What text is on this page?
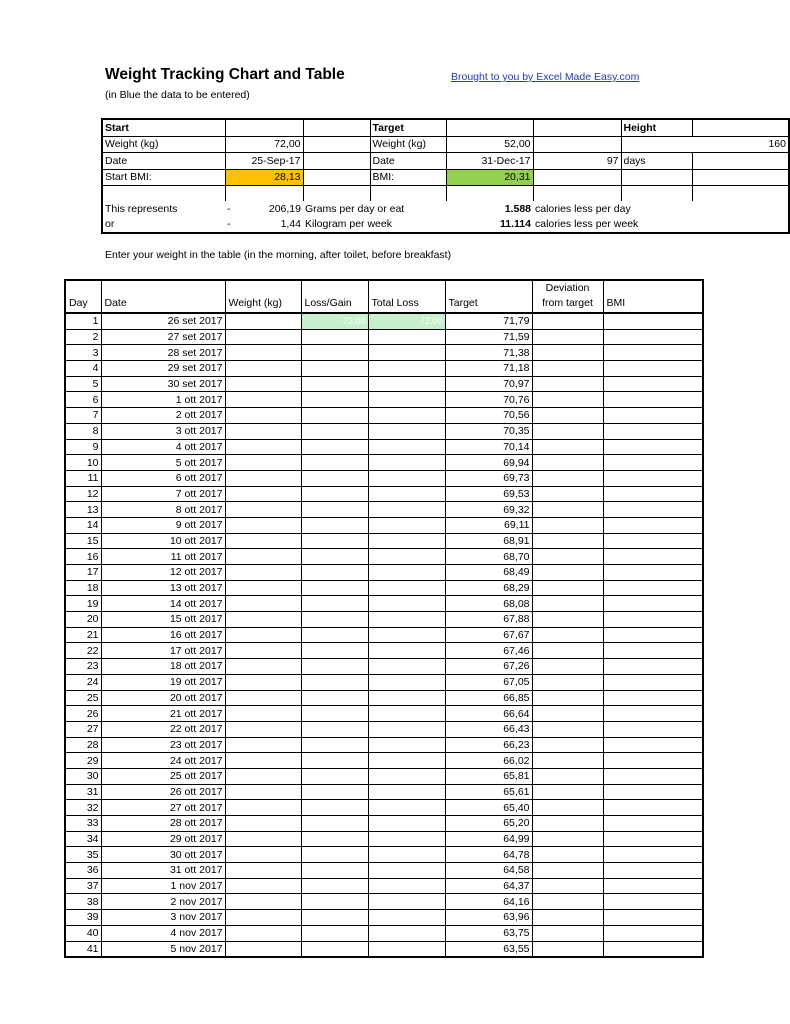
Weight Tracking Chart and Table
(in Blue the data to be entered)
Brought to you by Excel Made Easy.com
Start			Target			Height	
Weight (kg)	72,00		Weight (kg)	52,00			160
Date	25-Sep-17		Date	31-Dec-17	97	days	
Start BMI:	28,13		BMI:	20,31			

This represents	- 206,19	Grams per day or eat		1.588	calories less per day		
or	- 1,44	Kilogram per week		11.114	calories less per week		
Enter your weight in the table (in the morning, after toilet, before breakfast)
Day	Date	Weight (kg)	Loss/Gain	Total Loss	Target	Deviation from target	BMI
1	26 set 2017		-72,00	-72,00	71,79		
2	27 set 2017				71,59		
3	28 set 2017				71,38		
4	29 set 2017				71,18		
5	30 set 2017				70,97		
6	1 ott 2017				70,76		
7	2 ott 2017				70,56		
8	3 ott 2017				70,35		
9	4 ott 2017				70,14		
10	5 ott 2017				69,94		
11	6 ott 2017				69,73		
12	7 ott 2017				69,53		
13	8 ott 2017				69,32		
14	9 ott 2017				69,11		
15	10 ott 2017				68,91		
16	11 ott 2017				68,70		
17	12 ott 2017				68,49		
18	13 ott 2017				68,29		
19	14 ott 2017				68,08		
20	15 ott 2017				67,88		
21	16 ott 2017				67,67		
22	17 ott 2017				67,46		
23	18 ott 2017				67,26		
24	19 ott 2017				67,05		
25	20 ott 2017				66,85		
26	21 ott 2017				66,64		
27	22 ott 2017				66,43		
28	23 ott 2017				66,23		
29	24 ott 2017				66,02		
30	25 ott 2017				65,81		
31	26 ott 2017				65,61		
32	27 ott 2017				65,40		
33	28 ott 2017				65,20		
34	29 ott 2017				64,99		
35	30 ott 2017				64,78		
36	31 ott 2017				64,58		
37	1 nov 2017				64,37		
38	2 nov 2017				64,16		
39	3 nov 2017				63,96		
40	4 nov 2017				63,75		
41	5 nov 2017				63,55		
